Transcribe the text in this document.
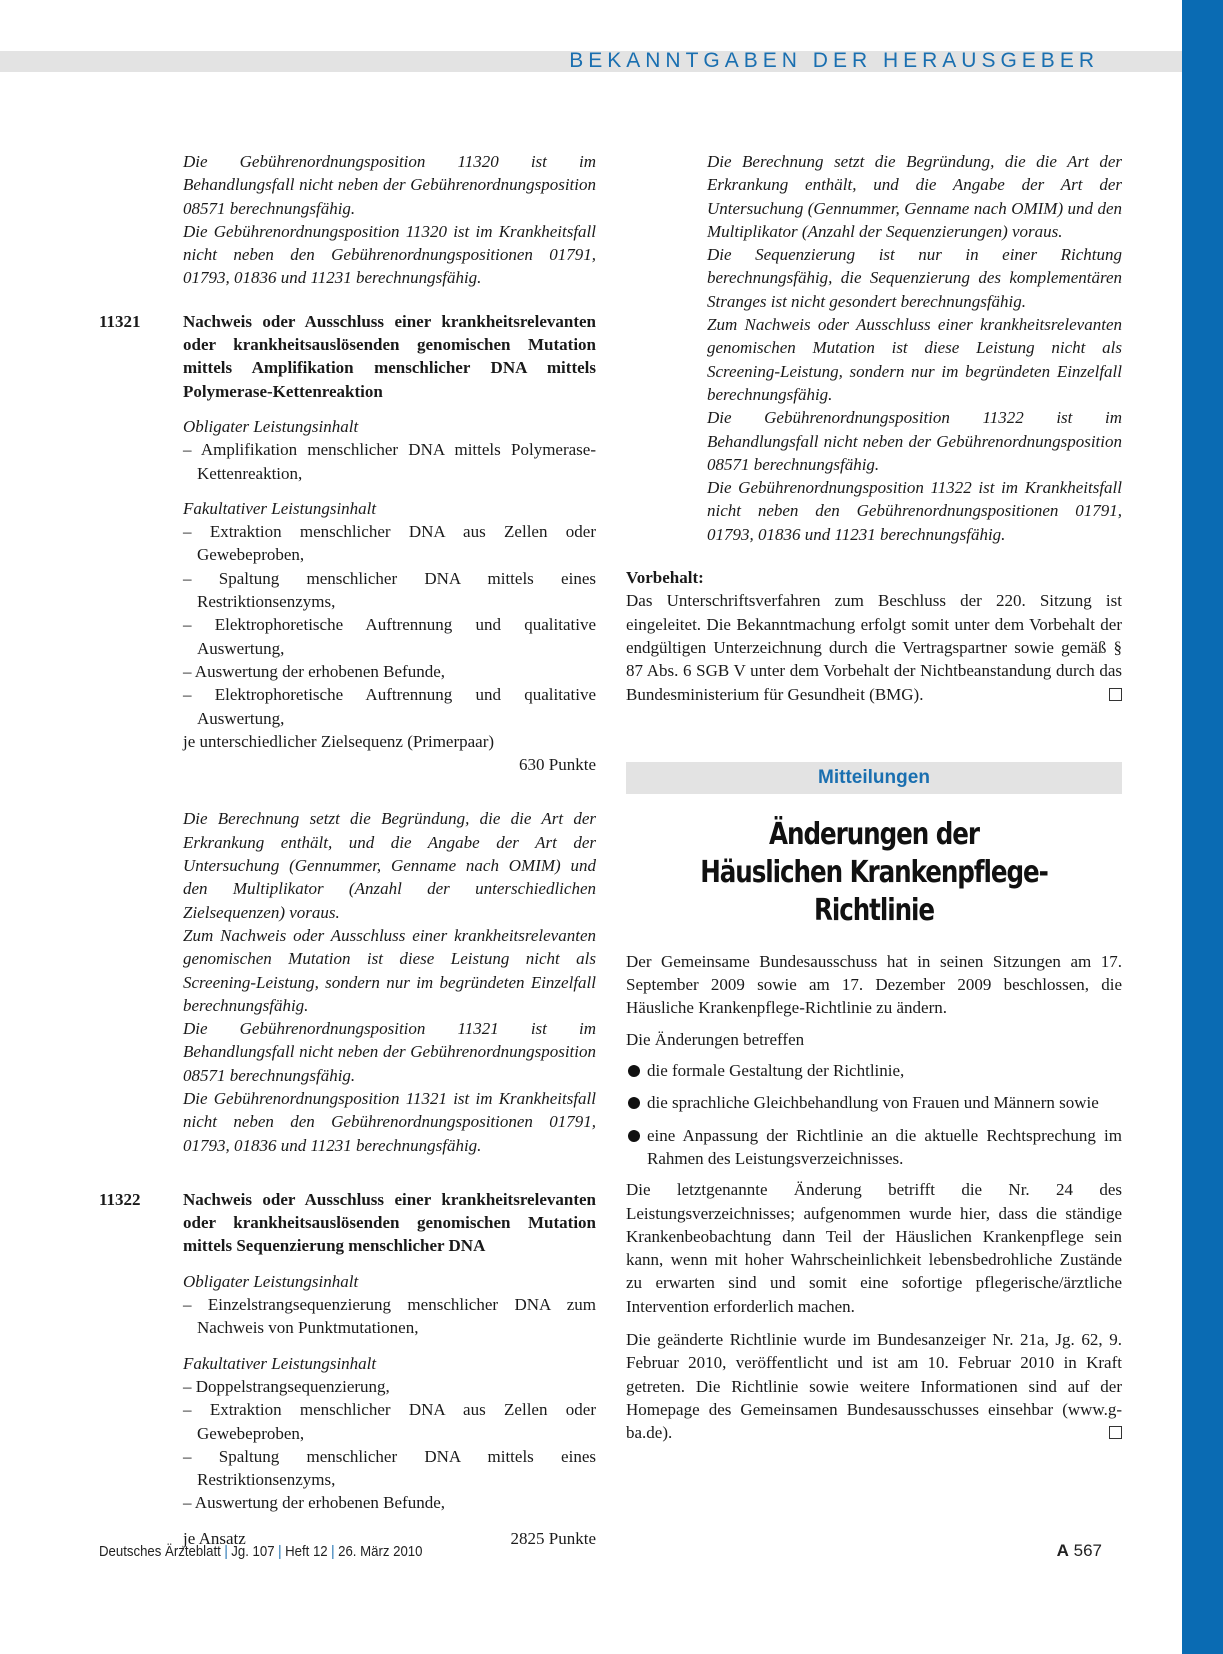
BEKANNTGABEN DER HERAUSGEBER

Die Gebührenordnungsposition 11320 ist im Behandlungsfall nicht neben der Gebührenordnungsposition 08571 berechnungsfähig.

Die Gebührenordnungsposition 11320 ist im Krankheitsfall nicht neben den Gebührenordnungspositionen 01791, 01793, 01836 und 11231 berechnungsfähig.

11321 Nachweis oder Ausschluss einer krankheitsrelevanten oder krankheitsauslösenden genomischen Mutation mittels Amplifikation menschlicher DNA mittels Polymerase-Kettenreaktion

Obligater Leistungsinhalt

– Amplifikation menschlicher DNA mittels Polymerase-Kettenreaktion,

Fakultativer Leistungsinhalt

– Extraktion menschlicher DNA aus Zellen oder Gewebeproben,

– Spaltung menschlicher DNA mittels eines Restriktionsenzyms,

– Elektrophoretische Auftrennung und qualitative Auswertung,

– Auswertung der erhobenen Befunde,

– Elektrophoretische Auftrennung und qualitative Auswertung,

je unterschiedlicher Zielsequenz (Primerpaar)

630 Punkte

Die Berechnung setzt die Begründung, die die Art der Erkrankung enthält, und die Angabe der Art der Untersuchung (Gennummer, Genname nach OMIM) und den Multiplikator (Anzahl der unterschiedlichen Zielsequenzen) voraus.

Zum Nachweis oder Ausschluss einer krankheitsrelevanten genomischen Mutation ist diese Leistung nicht als Screening-Leistung, sondern nur im begründeten Einzelfall berechnungsfähig.

Die Gebührenordnungsposition 11321 ist im Behandlungsfall nicht neben der Gebührenordnungsposition 08571 berechnungsfähig.

Die Gebührenordnungsposition 11321 ist im Krankheitsfall nicht neben den Gebührenordnungspositionen 01791, 01793, 01836 und 11231 berechnungsfähig.

11322 Nachweis oder Ausschluss einer krankheitsrelevanten oder krankheitsauslösenden genomischen Mutation mittels Sequenzierung menschlicher DNA

Obligater Leistungsinhalt

– Einzelstrangsequenzierung menschlicher DNA zum Nachweis von Punktmutationen,

Fakultativer Leistungsinhalt

– Doppelstrangsequenzierung,

– Extraktion menschlicher DNA aus Zellen oder Gewebeproben,

– Spaltung menschlicher DNA mittels eines Restriktionsenzyms,

– Auswertung der erhobenen Befunde,

je Ansatz	2825 Punkte

Die Berechnung setzt die Begründung, die die Art der Erkrankung enthält, und die Angabe der Art der Untersuchung (Gennummer, Genname nach OMIM) und den Multiplikator (Anzahl der Sequenzierungen) voraus.

Die Sequenzierung ist nur in einer Richtung berechnungsfähig, die Sequenzierung des komplementären Stranges ist nicht gesondert berechnungsfähig.

Zum Nachweis oder Ausschluss einer krankheitsrelevanten genomischen Mutation ist diese Leistung nicht als Screening-Leistung, sondern nur im begründeten Einzelfall berechnungsfähig.

Die Gebührenordnungsposition 11322 ist im Behandlungsfall nicht neben der Gebührenordnungsposition 08571 berechnungsfähig.

Die Gebührenordnungsposition 11322 ist im Krankheitsfall nicht neben den Gebührenordnungspositionen 01791, 01793, 01836 und 11231 berechnungsfähig.

Vorbehalt:

Das Unterschriftsverfahren zum Beschluss der 220. Sitzung ist eingeleitet. Die Bekanntmachung erfolgt somit unter dem Vorbehalt der endgültigen Unterzeichnung durch die Vertragspartner sowie gemäß § 87 Abs. 6 SGB V unter dem Vorbehalt der Nichtbeanstandung durch das Bundesministerium für Gesundheit (BMG).

Mitteilungen
Änderungen der
Häuslichen Krankenpflege-Richtlinie

Der Gemeinsame Bundesausschuss hat in seinen Sitzungen am 17. September 2009 sowie am 17. Dezember 2009 beschlossen, die Häusliche Krankenpflege-Richtlinie zu ändern.

Die Änderungen betreffen

die formale Gestaltung der Richtlinie,
die sprachliche Gleichbehandlung von Frauen und Männern sowie
eine Anpassung der Richtlinie an die aktuelle Rechtsprechung im Rahmen des Leistungsverzeichnisses.

Die letztgenannte Änderung betrifft die Nr. 24 des Leistungsverzeichnisses; aufgenommen wurde hier, dass die ständige Krankenbeobachtung dann Teil der Häuslichen Krankenpflege sein kann, wenn mit hoher Wahrscheinlichkeit lebensbedrohliche Zustände zu erwarten sind und somit eine sofortige pflegerische/ärztliche Intervention erforderlich machen.

Die geänderte Richtlinie wurde im Bundesanzeiger Nr. 21a, Jg. 62, 9. Februar 2010, veröffentlicht und ist am 10. Februar 2010 in Kraft getreten. Die Richtlinie sowie weitere Informationen sind auf der Homepage des Gemeinsamen Bundesausschusses einsehbar (www.g-ba.de).

Deutsches Ärzteblatt | Jg. 107 | Heft 12 | 26. März 2010	A 567
